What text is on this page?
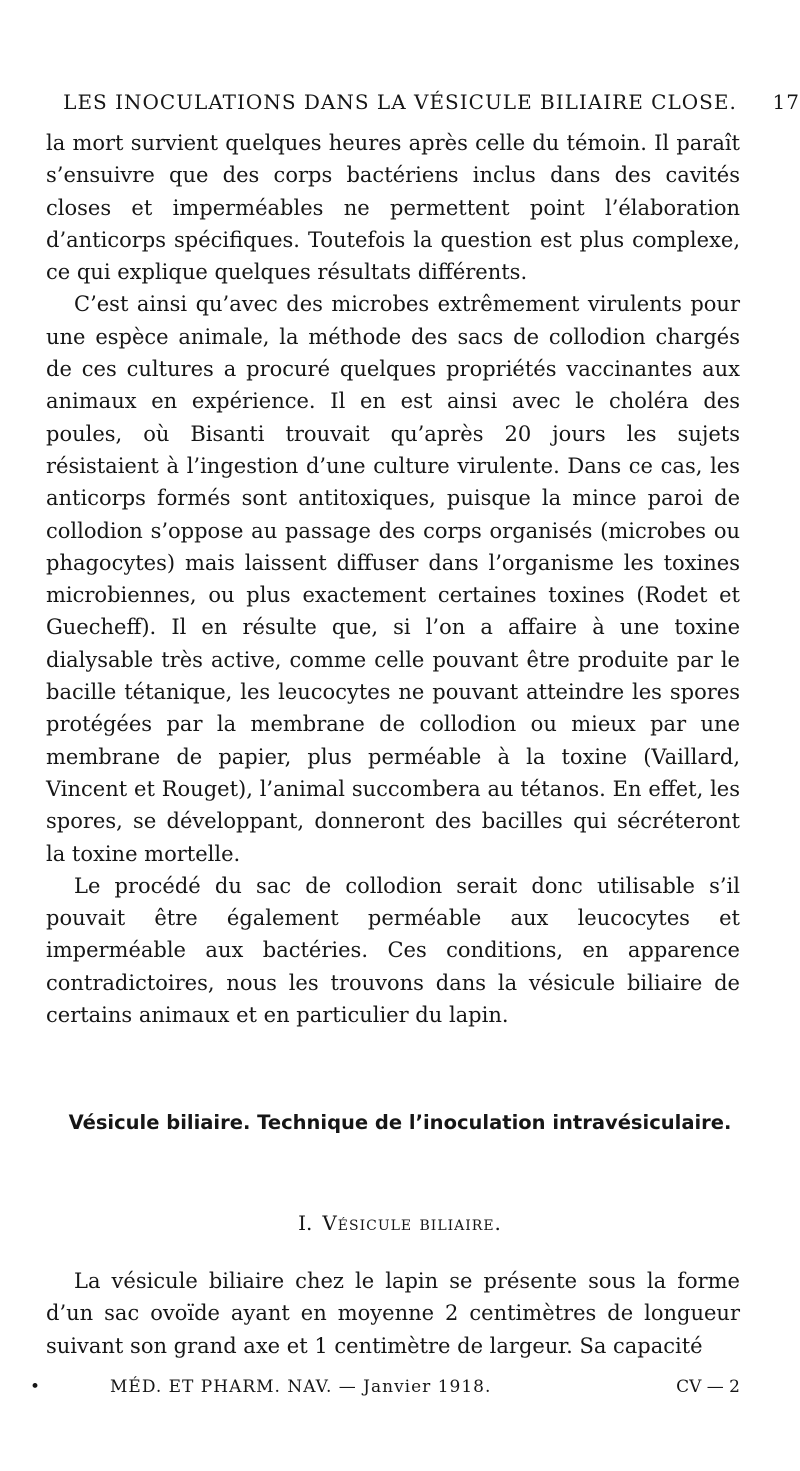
LES INOCULATIONS DANS LA VÉSICULE BILIAIRE CLOSE.	17

la mort survient quelques heures après celle du témoin. Il paraît s’ensuivre que des corps bactériens inclus dans des cavités closes et imperméables ne permettent point l’élaboration d’anticorps spécifiques. Toutefois la question est plus complexe, ce qui explique quelques résultats différents.

C’est ainsi qu’avec des microbes extrêmement virulents pour une espèce animale, la méthode des sacs de collodion chargés de ces cultures a procuré quelques propriétés vaccinantes aux animaux en expérience. Il en est ainsi avec le choléra des poules, où Bisanti trouvait qu’après 20 jours les sujets résistaient à l’ingestion d’une culture virulente. Dans ce cas, les anticorps formés sont antitoxiques, puisque la mince paroi de collodion s’oppose au passage des corps organisés (microbes ou phagocytes) mais laissent diffuser dans l’organisme les toxines microbiennes, ou plus exactement certaines toxines (Rodet et Guecheff). Il en résulte que, si l’on a affaire à une toxine dialysable très active, comme celle pouvant être produite par le bacille tétanique, les leucocytes ne pouvant atteindre les spores protégées par la membrane de collodion ou mieux par une membrane de papier, plus perméable à la toxine (Vaillard, Vincent et Rouget), l’animal succombera au tétanos. En effet, les spores, se développant, donneront des bacilles qui sécréteront la toxine mortelle.

Le procédé du sac de collodion serait donc utilisable s’il pouvait être également perméable aux leucocytes et imperméable aux bactéries. Ces conditions, en apparence contradictoires, nous les trouvons dans la vésicule biliaire de certains animaux et en particulier du lapin.

Vésicule biliaire. Technique de l’inoculation intravésiculaire.
I. Vésicule biliaire.

La vésicule biliaire chez le lapin se présente sous la forme d’un sac ovoïde ayant en moyenne 2 centimètres de longueur suivant son grand axe et 1 centimètre de largeur. Sa capacité

•	MÉD. ET PHARM. NAV. — Janvier 1918.	CV — 2
